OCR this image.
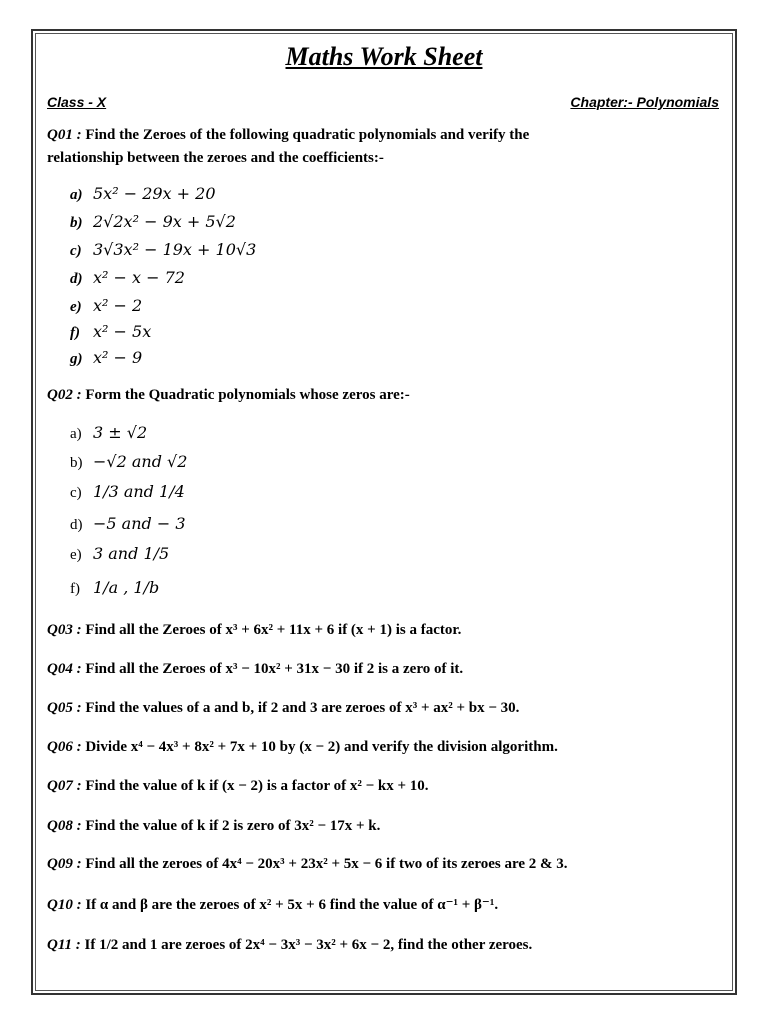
Maths Work Sheet
Class - X	Chapter:- Polynomials
Q01 : Find the Zeroes of the following quadratic polynomials and verify the
relationship between the zeroes and the coefficients:-
a) 5x² − 29x + 20
b) 2√2x² − 9x + 5√2
c) 3√3x² − 19x + 10√3
d) x² − x − 72
e) x² − 2
f) x² − 5x
g) x² − 9
Q02 : Form the Quadratic polynomials whose zeros are:-
a) 3 ± √2
b) −√2 and √2
c) 1/3 and 1/4
d) −5 and − 3
e) 3 and 1/5
f) 1/a , 1/b
Q03 : Find all the Zeroes of x³ + 6x² + 11x + 6 if (x + 1) is a factor.
Q04 : Find all the Zeroes of x³ − 10x² + 31x − 30 if 2 is a zero of it.
Q05 : Find the values of a and b, if 2 and 3 are zeroes of x³ + ax² + bx − 30.
Q06 : Divide x⁴ − 4x³ + 8x² + 7x + 10 by (x − 2) and verify the division algorithm.
Q07 : Find the value of k if (x − 2) is a factor of x² − kx + 10.
Q08 : Find the value of k if 2 is zero of 3x² − 17x + k.
Q09 : Find all the zeroes of 4x⁴ − 20x³ + 23x² + 5x − 6 if two of its zeroes are 2 & 3.
Q10 : If α and β are the zeroes of x² + 5x + 6 find the value of α⁻¹ + β⁻¹.
Q11 : If 1/2 and 1 are zeroes of 2x⁴ − 3x³ − 3x² + 6x − 2, find the other zeroes.
